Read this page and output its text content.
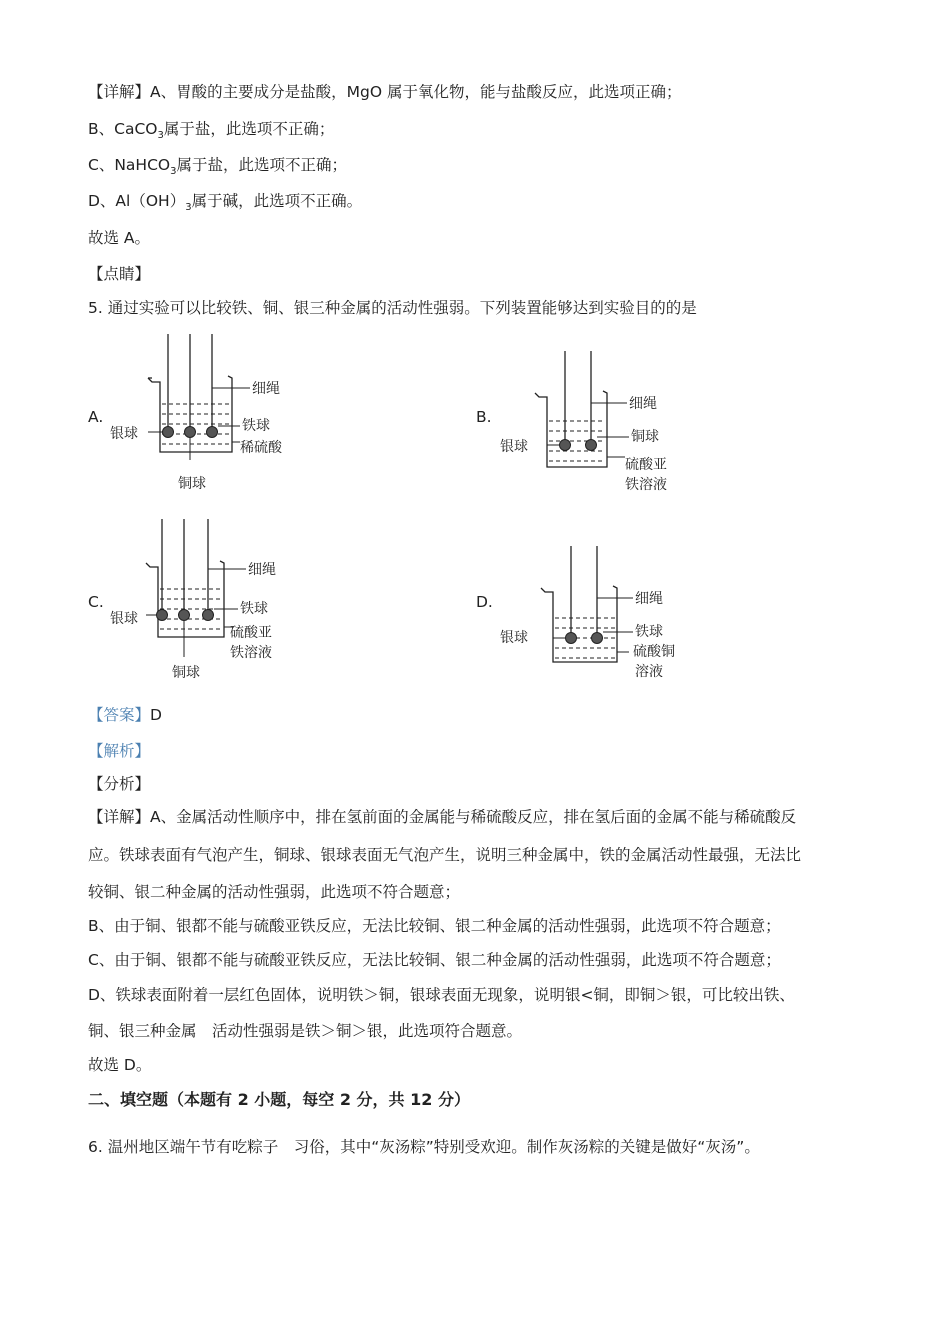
【详解】A、胃酸的主要成分是盐酸，MgO 属于氧化物，能与盐酸反应，此选项正确；
B、CaCO$_3$属于盐，此选项不正确；
C、NaHCO$_3$属于盐，此选项不正确；
D、$Al(OH)_3$属于碱，此选项不正确。
故选 A。
【点睛】
5. 通过实验可以比较铁、铜、银三种金属的活动性强弱。下列装置能够达到实验目的的是
A.
细绳
银球	铁球
稀硫酸
铜球
B.
细绳
银球
铜球
硫酸亚
铁溶液
C.
细绳
银球
铁球
硫酸亚
铁溶液
铜球
D.	细绳
银球	铁球
硫酸铜
溶液
【答案】D
【解析】
【分析】
【详解】A、金属活动性顺序中，排在氢前面的金属能与稀硫酸反应，排在氢后面的金属不能与稀硫酸反
应。铁球表面有气泡产生，铜球、银球表面无气泡产生，说明三种金属中，铁的金属活动性最强，无法比
较铜、银二种金属的活动性强弱，此选项不符合题意；
B、由于铜、银都不能与硫酸亚铁反应，无法比较铜、银二种金属的活动性强弱，此选项不符合题意；
C、由于铜、银都不能与硫酸亚铁反应，无法比较铜、银二种金属的活动性强弱，此选项不符合题意；
D、铁球表面附着一层红色固体，说明铁＞铜，银球表面无现象，说明银<铜，即铜＞银，可比较出铁、
铜、银三种金属　活动性强弱是铁＞铜＞银，此选项符合题意。
故选 D。
二、填空题（本题有 2 小题，每空 2 分，共 12 分）
6. 温州地区端午节有吃粽子　习俗，其中“灰汤粽”特别受欢迎。制作灰汤粽的关键是做好“灰汤”。
